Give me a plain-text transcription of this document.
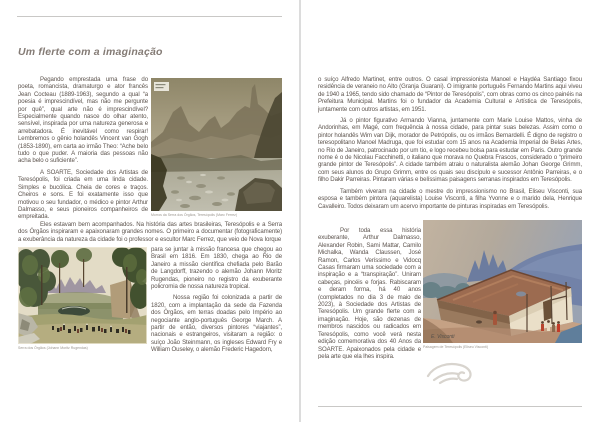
Um flerte com a imaginação

Pegando emprestada uma frase do poeta, romancista, dramaturgo e ator francês Jean Cocteau (1889-1963), segundo a qual “a poesia é imprescindível, mas não me pergunte por quê”, qual arte não é imprescindível? Especialmente quando nasce do olhar atento, sensível, inspirada por uma natureza generosa e arrebatadora. É inevitável como respirar! Lembremos o gênio holandês Vincent van Gogh (1853-1890), em carta ao irmão Theo: “Ache belo tudo o que puder. A maioria das pessoas não acha belo o suficiente”.

A SOARTE, Sociedade dos Artistas de Teresópolis, foi criada em uma linda cidade. Simples e bucólica. Cheia de cores e traços. Cheiros e sons. E foi exatamente isso que motivou o seu fundador, o médico e pintor Arthur Dalmasso, e seus pioneiros companheiros de empreitada.	Morros da Serra dos Órgãos, Teresópolis (Marc Ferrez)

Eles estavam bem acompanhados. Na história das artes brasileiras, Teresópolis e a Serra dos Órgãos inspiraram e apaixonaram grandes nomes. O primeiro a documentar (fotograficamente) a exuberância da natureza da cidade foi o professor e escultor Marc Ferrez, que veio de Nova Iorque

Serra dos Órgãos (Johann Moritz Rugendas)

para se juntar à missão francesa que chegou ao Brasil em 1816. Em 1830, chega ao Rio de Janeiro a missão científica chefiada pelo Barão de Langdorff, trazendo o alemão Johann Moritz Rugendas, pioneiro no registro da exuberante policromia de nossa natureza tropical.

Nossa região foi colonizada a partir de 1820, com a implantação da sede da Fazenda dos Órgãos, em terras doadas pelo Império ao negociante anglo-português George March. A partir de então, diversos pintores “viajantes”, nacionais e estrangeiros, visitaram a região: o suíço João Steinmann, os ingleses Edward Fry e William Ouseley, o alemão Frederic Hagedorn,

o suíço Alfredo Martinet, entre outros. O casal impressionista Manoel e Haydéa Santiago fixou residência de veraneio no Alto (Granja Guarani). O imigrante português Fernando Martins aqui viveu de 1940 a 1965, tendo sido chamado de “Pintor de Teresópolis”, com obras como os cinco painéis na Prefeitura Municipal. Martins foi o fundador da Academia Cultural e Artística de Teresópolis, juntamente com outros artistas, em 1951.

Já o pintor figurativo Armando Vianna, juntamente com Marie Louise Mattos, vinha de Andorinhas, em Magé, com frequência à nossa cidade, para pintar suas belezas. Assim como o pintor holandês Wim van Dijk, morador de Petrópolis, ou os irmãos Bernardelli. É digno de registro o teresopolitano Manoel Madruga, que foi estudar com 15 anos na Academia Imperial de Belas Artes, no Rio de Janeiro, patrocinado por um tio, e logo recebeu bolsa para estudar em Paris. Outro grande nome é o de Nicolau Facchinetti, o italiano que morava no Quebra Frascos, considerado o “primeiro grande pintor de Teresópolis”. A cidade também atraiu o naturalista alemão Johan George Grimm, com seus alunos do Grupo Grimm, entre os quais seu discípulo e sucessor Antônio Parreiras, e o filho Dakir Parreiras. Pintaram várias e belíssimas paisagens serranas inspirados em Teresópolis.

Também viveram na cidade o mestre do impressionismo no Brasil, Eliseu Visconti, sua esposa e também pintora (aquarelista) Louise Visconti, a filha Yvonne e o marido dela, Henrique Cavalleiro. Todos deixaram um acervo importante de pinturas inspiradas em Teresópolis.

Por toda essa história exuberante, Arthur Dalmasso, Alexander Robin, Sami Mattar, Camilo Michalka, Wanda Claussen, José Ramon, Carlos Veríssimo e Vidocq Casas firmaram uma sociedade com a inspiração e a “transpiração”. Uniram cabeças, pincéis e forjas. Rabiscaram e deram forma, há 40 anos (completados no dia 3 de maio de 2023), à Sociedade dos Artistas de Teresópolis. Um grande flerte com a imaginação. Hoje, são dezenas de membros nascidos ou radicados em Teresópolis, como você verá nesta edição comemorativa dos 40 Anos da SOARTE. Apaixonados pela cidade e pela arte que ela lhes inspira.

E. Visconti
Paisagem de Teresópolis (Eliseu Visconti)
